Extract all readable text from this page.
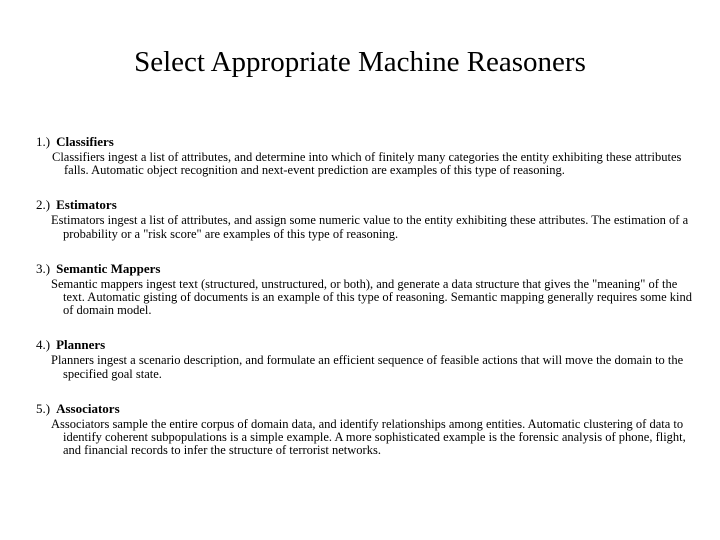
Select Appropriate Machine Reasoners
1.) Classifiers
Classifiers ingest a list of attributes, and determine into which of finitely many categories the entity exhibiting these attributes falls. Automatic object recognition and next-event prediction are examples of this type of reasoning.
2.) Estimators
Estimators ingest a list of attributes, and assign some numeric value to the entity exhibiting these attributes. The estimation of a probability or a "risk score" are examples of this type of reasoning.
3.) Semantic Mappers
Semantic mappers ingest text (structured, unstructured, or both), and generate a data structure that gives the "meaning" of the text. Automatic gisting of documents is an example of this type of reasoning. Semantic mapping generally requires some kind of domain model.
4.) Planners
Planners ingest a scenario description, and formulate an efficient sequence of feasible actions that will move the domain to the specified goal state.
5.) Associators
Associators sample the entire corpus of domain data, and identify relationships among entities. Automatic clustering of data to identify coherent subpopulations is a simple example. A more sophisticated example is the forensic analysis of phone, flight, and financial records to infer the structure of terrorist networks.
